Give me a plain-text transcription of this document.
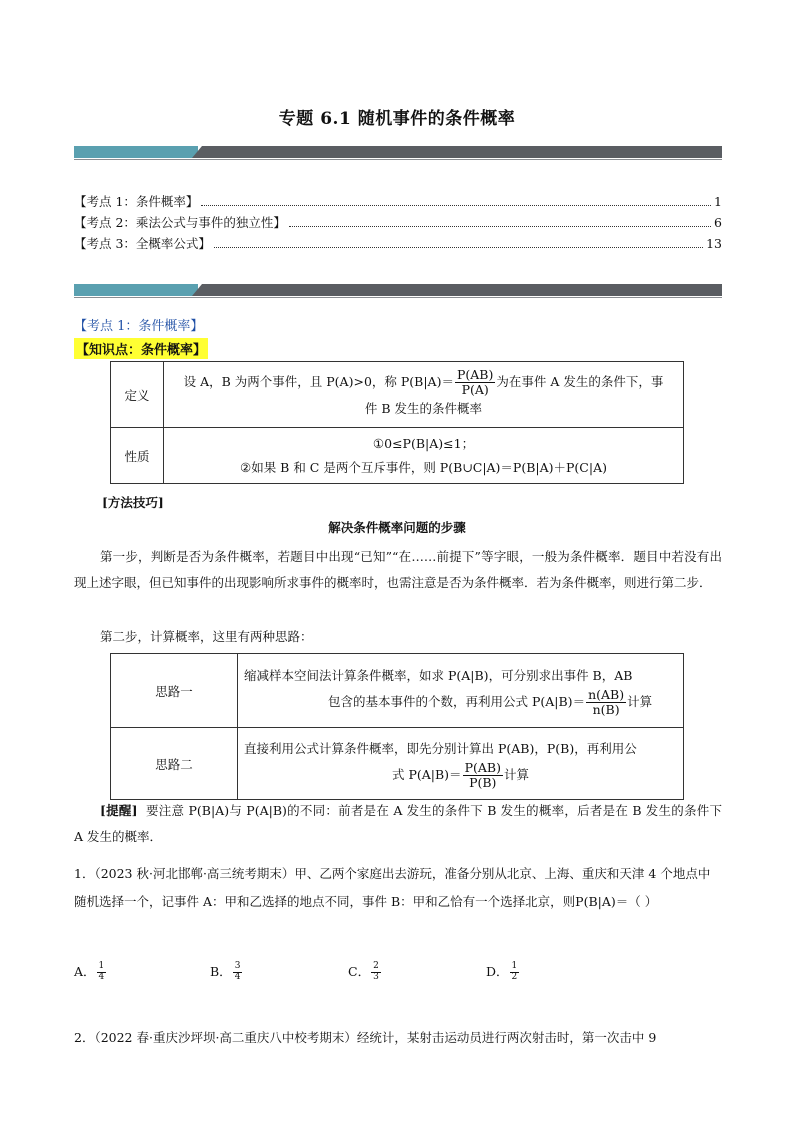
专题 6.1 随机事件的条件概率
【考点 1：条件概率】	1
【考点 2：乘法公式与事件的独立性】	6
【考点 3：全概率公式】	13
【考点 1：条件概率】
【知识点：条件概率】
定义	设 A，B 为两个事件，且 P(A)>0，称 $P(B|A)= \frac{P(AB)}{P(A)}$ 为在事件 A 发生的条件下，事
件 B 发生的条件概率
性质	①0≤P(B|A)≤1；
②如果 B 和 C 是两个互斥事件，则 P(B∪C|A)＝P(B|A)＋P(C|A)
[方法技巧]
解决条件概率问题的步骤
第一步，判断是否为条件概率，若题目中出现“已知”“在……前提下”等字眼，一般为条件概率．题目中若没有出现上述字眼，但已知事件的出现影响所求事件的概率时，也需注意是否为条件概率．若为条件概率，则进行第二步．
第二步，计算概率，这里有两种思路：
思路一	缩减样本空间法计算条件概率，如求 P(A|B)，可分别求出事件 B，AB
包含的基本事件的个数，再利用公式 $P(A|B)= \frac{n(AB)}{n(B)}$ 计算
思路二	直接利用公式计算条件概率，即先分别计算出 P(AB)，P(B)，再利用公
式 $P(A|B)= \frac{P(AB)}{P(B)}$ 计算
[提醒] 要注意 P(B|A)与 P(A|B)的不同：前者是在 A 发生的条件下 B 发生的概率，后者是在 B 发生的条件下 A 发生的概率．
1．（2023 秋·河北邯郸·高三统考期末）甲、乙两个家庭出去游玩，准备分别从北京、上海、重庆和天津 4 个地点中随机选择一个，记事件 A：甲和乙选择的地点不同，事件 B：甲和乙恰有一个选择北京，则P(B|A)＝（ ）
A． $\frac{1}{4}$	B． $\frac{3}{4}$	C． $\frac{2}{3}$	D． $\frac{1}{2}$
2．（2022 春·重庆沙坪坝·高二重庆八中校考期末）经统计，某射击运动员进行两次射击时，第一次击中 9
